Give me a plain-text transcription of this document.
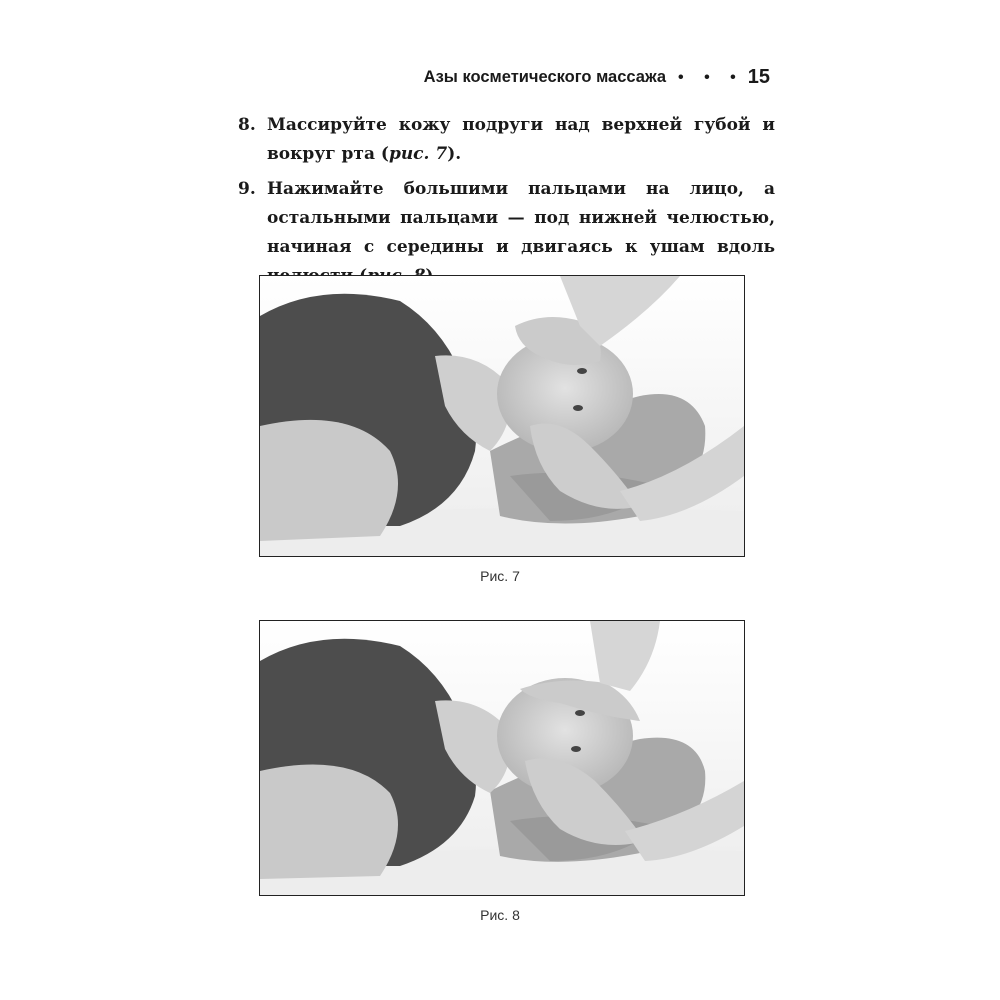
Азы косметического массажа • • • 15
8. Массируйте кожу подруги над верхней губой и вокруг рта (рис. 7).
9. Нажимайте большими пальцами на лицо, а остальными пальцами — под нижней челюстью, начиная с середины и двигаясь к ушам вдоль
Рис. 7
Рис. 8
